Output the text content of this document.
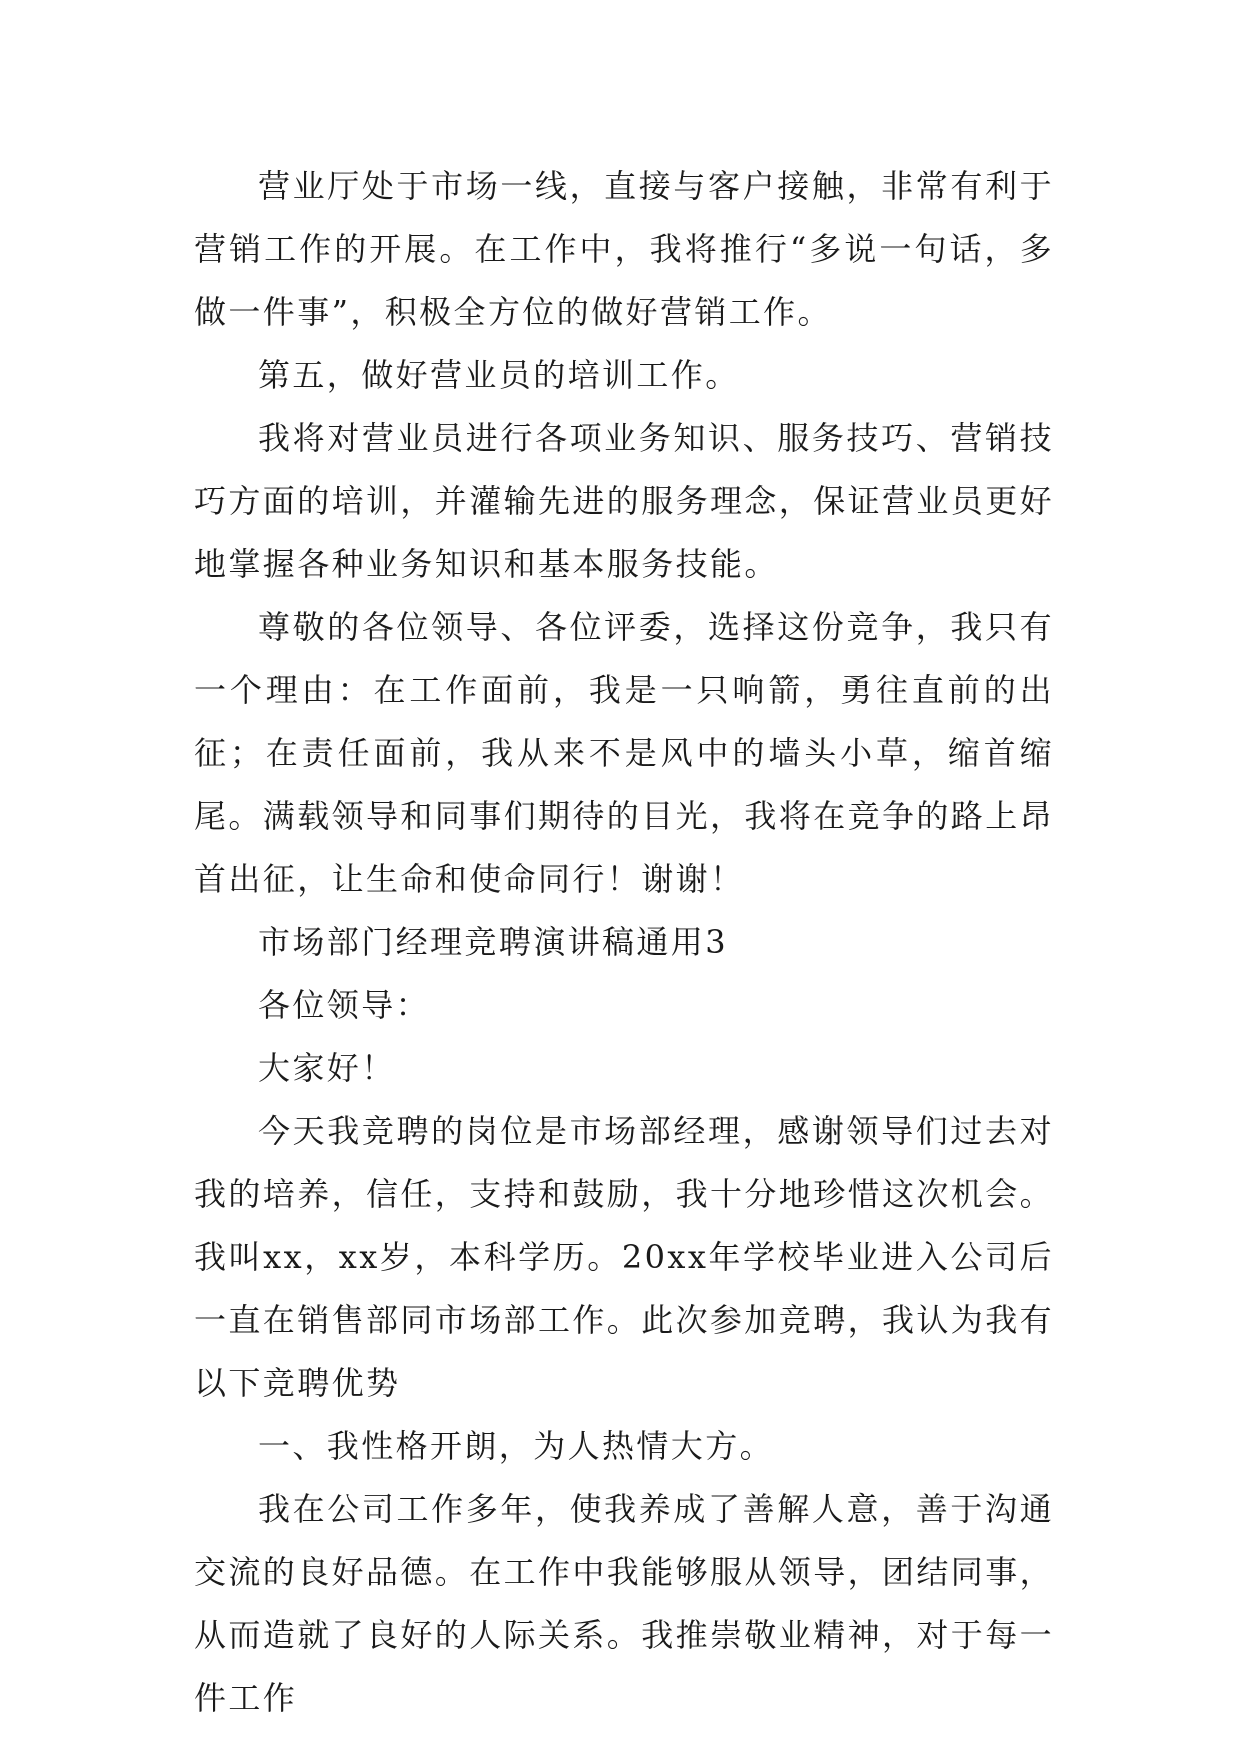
营业厅处于市场一线，直接与客户接触，非常有利于营销工作的开展。在工作中，我将推行“多说一句话，多做一件事”，积极全方位的做好营销工作。

第五，做好营业员的培训工作。

我将对营业员进行各项业务知识、服务技巧、营销技巧方面的培训，并灌输先进的服务理念，保证营业员更好地掌握各种业务知识和基本服务技能。

尊敬的各位领导、各位评委，选择这份竞争，我只有一个理由：在工作面前，我是一只响箭，勇往直前的出征；在责任面前，我从来不是风中的墙头小草，缩首缩尾。满载领导和同事们期待的目光，我将在竞争的路上昂首出征，让生命和使命同行！谢谢！

市场部门经理竞聘演讲稿通用3

各位领导：

大家好！

今天我竞聘的岗位是市场部经理，感谢领导们过去对我的培养，信任，支持和鼓励，我十分地珍惜这次机会。我叫xx，xx岁，本科学历。20xx年学校毕业进入公司后一直在销售部同市场部工作。此次参加竞聘，我认为我有以下竞聘优势

一、我性格开朗，为人热情大方。

我在公司工作多年，使我养成了善解人意，善于沟通交流的良好品德。在工作中我能够服从领导，团结同事，从而造就了良好的人际关系。我推崇敬业精神，对于每一件工作
